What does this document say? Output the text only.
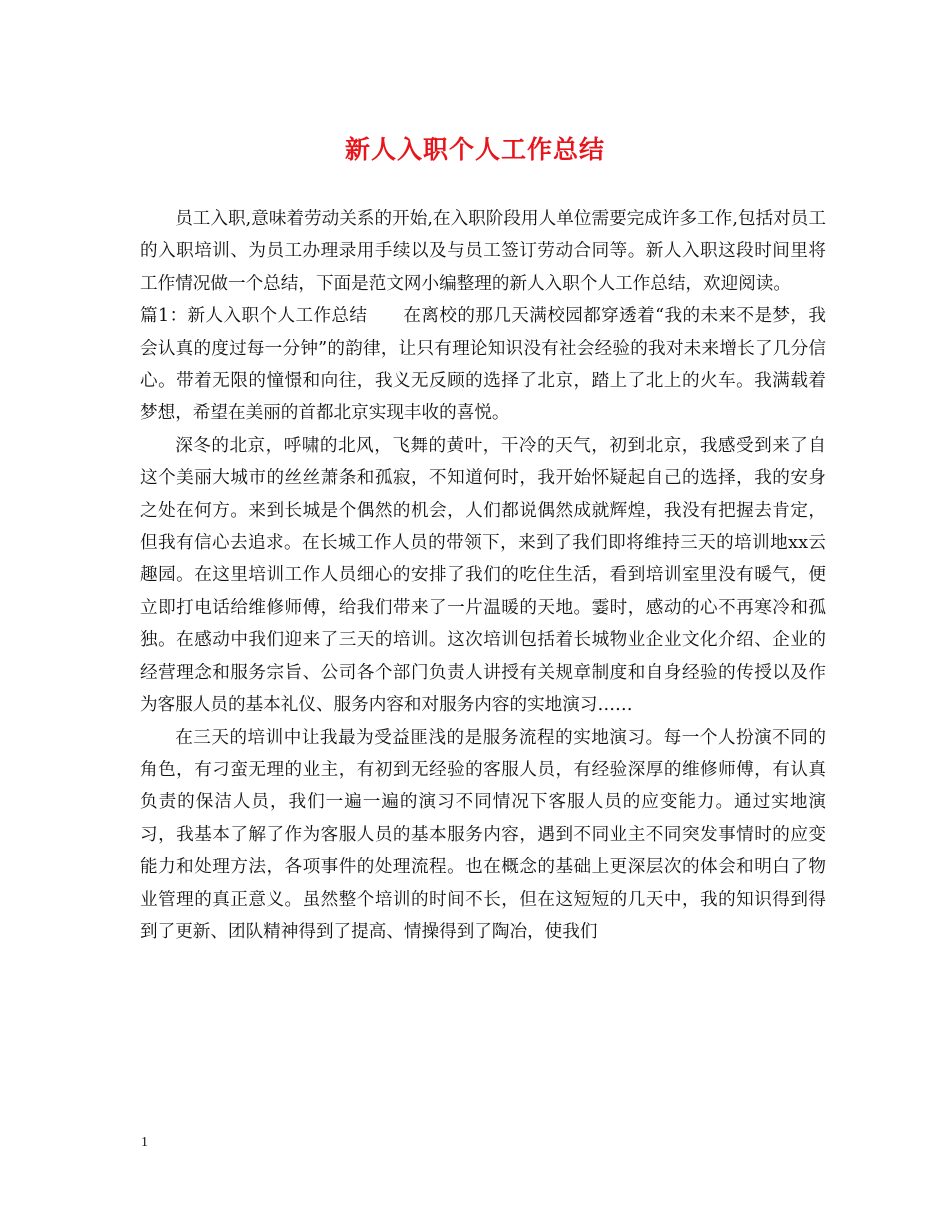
新人入职个人工作总结

员工入职,意味着劳动关系的开始,在入职阶段用人单位需要完成许多工作,包括对员工的入职培训、为员工办理录用手续以及与员工签订劳动合同等。新人入职这段时间里将工作情况做一个总结，下面是范文网小编整理的新人入职个人工作总结，欢迎阅读。

篇1：新人入职个人工作总结　　在离校的那几天满校园都穿透着“我的未来不是梦，我会认真的度过每一分钟”的韵律，让只有理论知识没有社会经验的我对未来增长了几分信心。带着无限的憧憬和向往，我义无反顾的选择了北京，踏上了北上的火车。我满载着梦想，希望在美丽的首都北京实现丰收的喜悦。

深冬的北京，呼啸的北风，飞舞的黄叶，干冷的天气，初到北京，我感受到来了自这个美丽大城市的丝丝萧条和孤寂，不知道何时，我开始怀疑起自己的选择，我的安身之处在何方。来到长城是个偶然的机会，人们都说偶然成就辉煌，我没有把握去肯定，但我有信心去追求。在长城工作人员的带领下，来到了我们即将维持三天的培训地xx云趣园。在这里培训工作人员细心的安排了我们的吃住生活，看到培训室里没有暖气，便立即打电话给维修师傅，给我们带来了一片温暖的天地。霎时，感动的心不再寒冷和孤独。在感动中我们迎来了三天的培训。这次培训包括着长城物业企业文化介绍、企业的经营理念和服务宗旨、公司各个部门负责人讲授有关规章制度和自身经验的传授以及作为客服人员的基本礼仪、服务内容和对服务内容的实地演习……

在三天的培训中让我最为受益匪浅的是服务流程的实地演习。每一个人扮演不同的角色，有刁蛮无理的业主，有初到无经验的客服人员，有经验深厚的维修师傅，有认真负责的保洁人员，我们一遍一遍的演习不同情况下客服人员的应变能力。通过实地演习，我基本了解了作为客服人员的基本服务内容，遇到不同业主不同突发事情时的应变能力和处理方法，各项事件的处理流程。也在概念的基础上更深层次的体会和明白了物业管理的真正意义。虽然整个培训的时间不长，但在这短短的几天中，我的知识得到得到了更新、团队精神得到了提高、情操得到了陶冶，使我们

1
